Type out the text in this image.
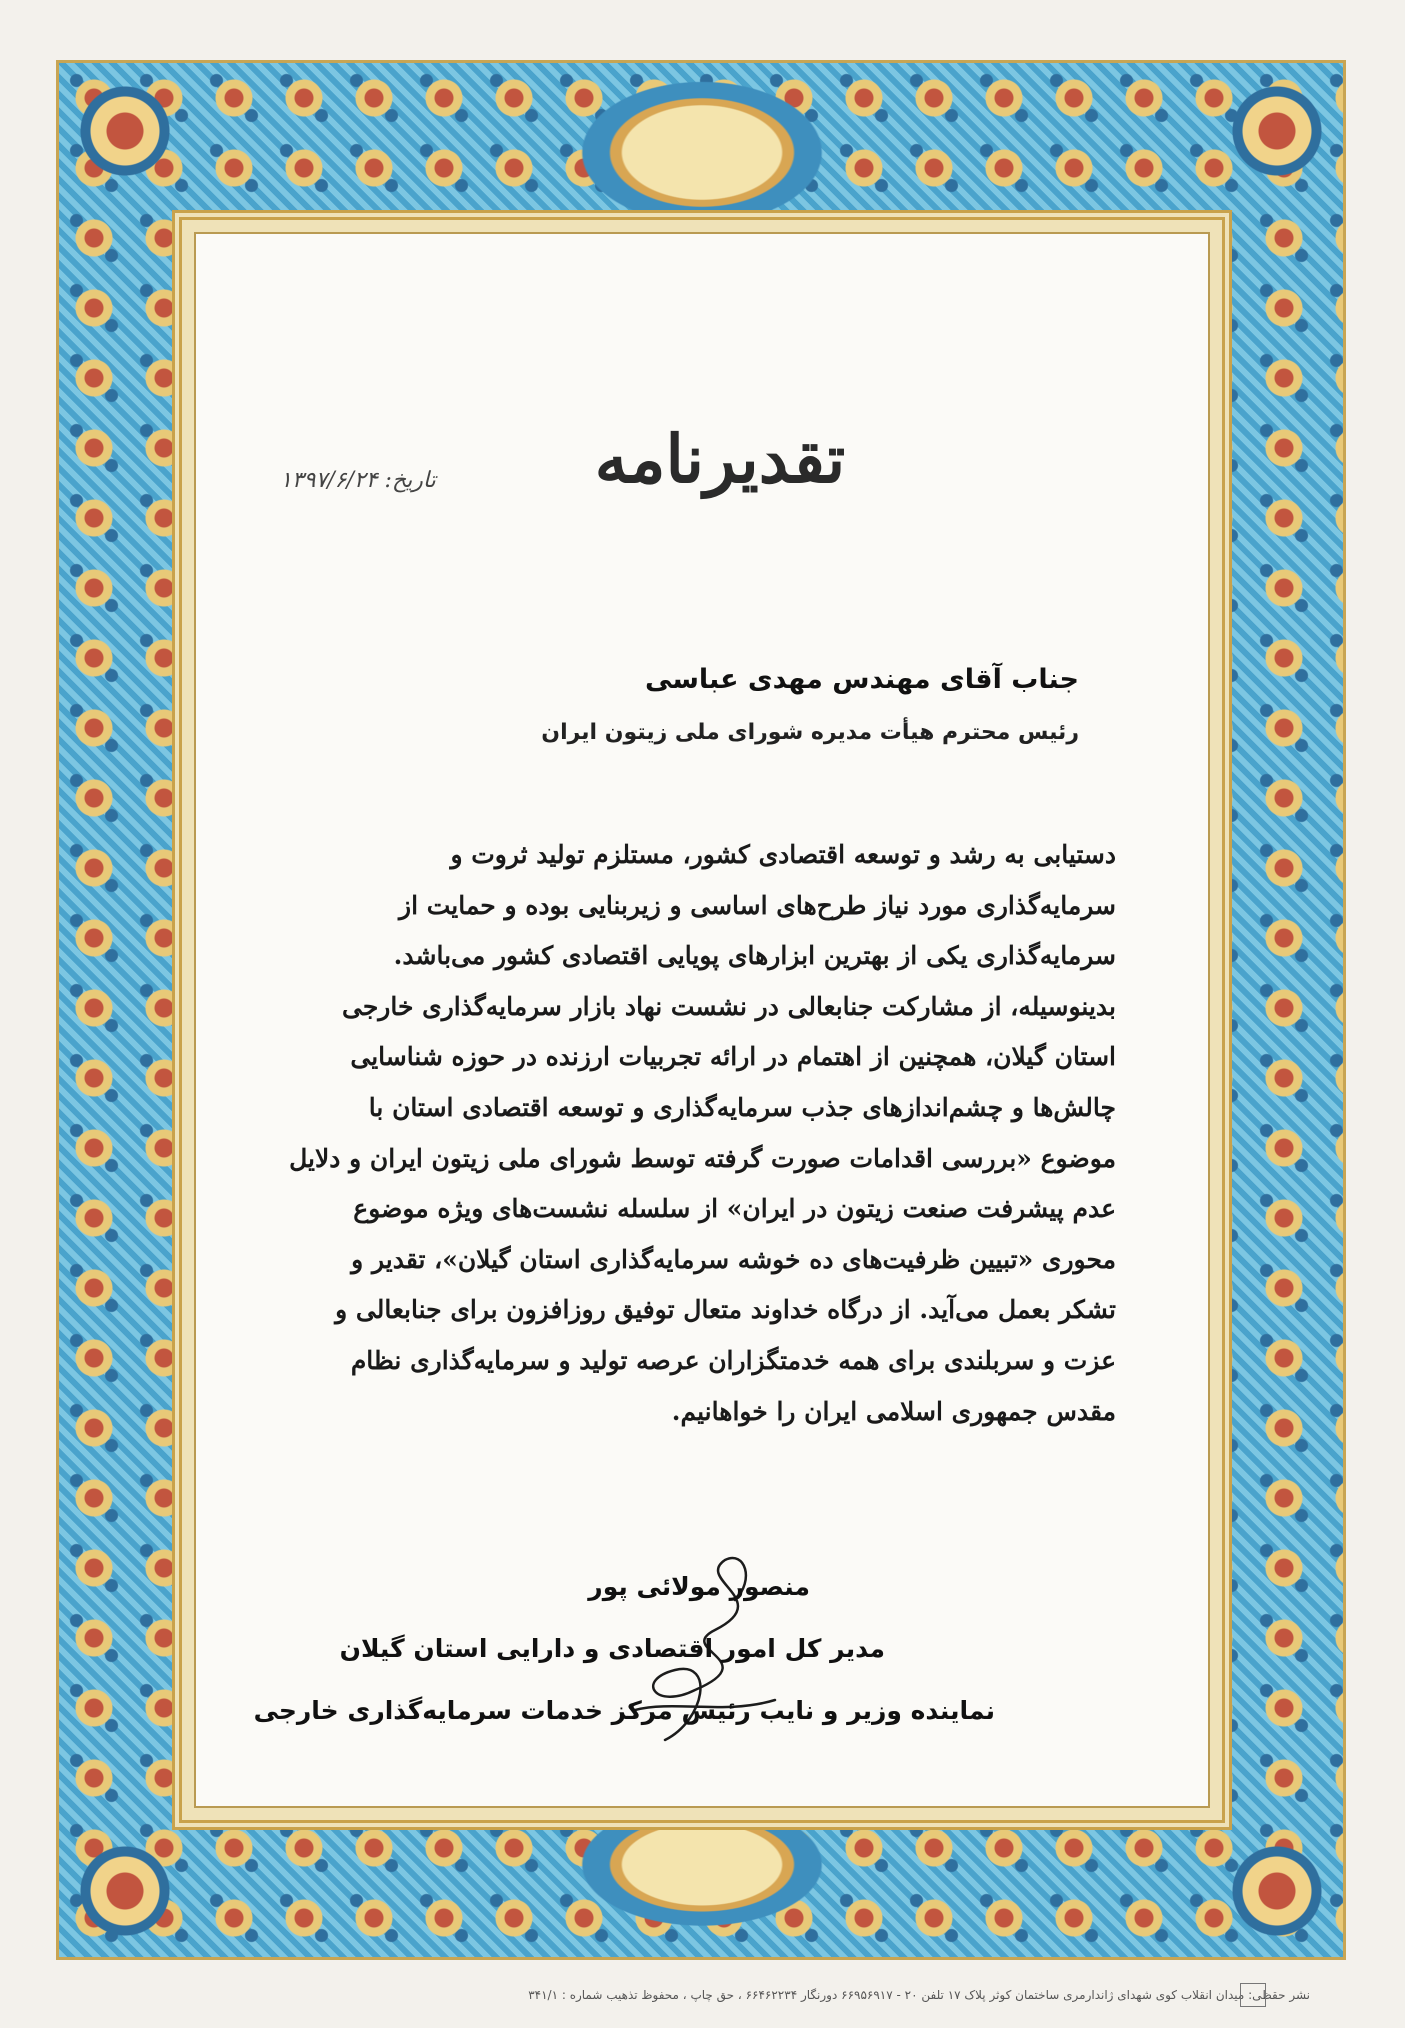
تقدیرنامه
تاریخ: ۱۳۹۷/۶/۲۴
جناب آقای مهندس مهدی عباسی
رئیس محترم هیأت مدیره شورای ملی زیتون ایران

دستیابی به رشد و توسعه اقتصادی کشور، مستلزم تولید ثروت و

سرمایه‌گذاری مورد نیاز طرح‌های اساسی و زیربنایی بوده و حمایت از

سرمایه‌گذاری یکی از بهترین ابزارهای پویایی اقتصادی کشور می‌باشد.

بدینوسیله، از مشارکت جنابعالی در نشست نهاد بازار سرمایه‌گذاری خارجی

استان گیلان، همچنین از اهتمام در ارائه تجربیات ارزنده در حوزه شناسایی

چالش‌ها و چشم‌اندازهای جذب سرمایه‌گذاری و توسعه اقتصادی استان با

موضوع «بررسی اقدامات صورت گرفته توسط شورای ملی زیتون ایران و دلایل

عدم پیشرفت صنعت زیتون در ایران» از سلسله نشست‌های ویژه موضوع

محوری «تبیین ظرفیت‌های ده خوشه سرمایه‌گذاری استان گیلان»، تقدیر و

تشکر بعمل می‌آید. از درگاه خداوند متعال توفیق روزافزون برای جنابعالی و

عزت و سربلندی برای همه خدمتگزاران عرصه تولید و سرمایه‌گذاری نظام

مقدس جمهوری اسلامی ایران را خواهانیم.

منصور مولائی پور
مدیر کل امور اقتصادی و دارایی استان گیلان
نماینده وزیر و نایب رئیس مرکز خدمات سرمایه‌گذاری خارجی
نشر حقظی: میدان انقلاب کوی شهدای ژاندارمری ساختمان کوثر پلاک ۱۷ تلفن ۲۰ - ۶۶۹۵۶۹۱۷ دورنگار ۶۶۴۶۲۲۳۴ ، حق چاپ ، محفوظ تذهیب شماره : ۳۴۱/۱
